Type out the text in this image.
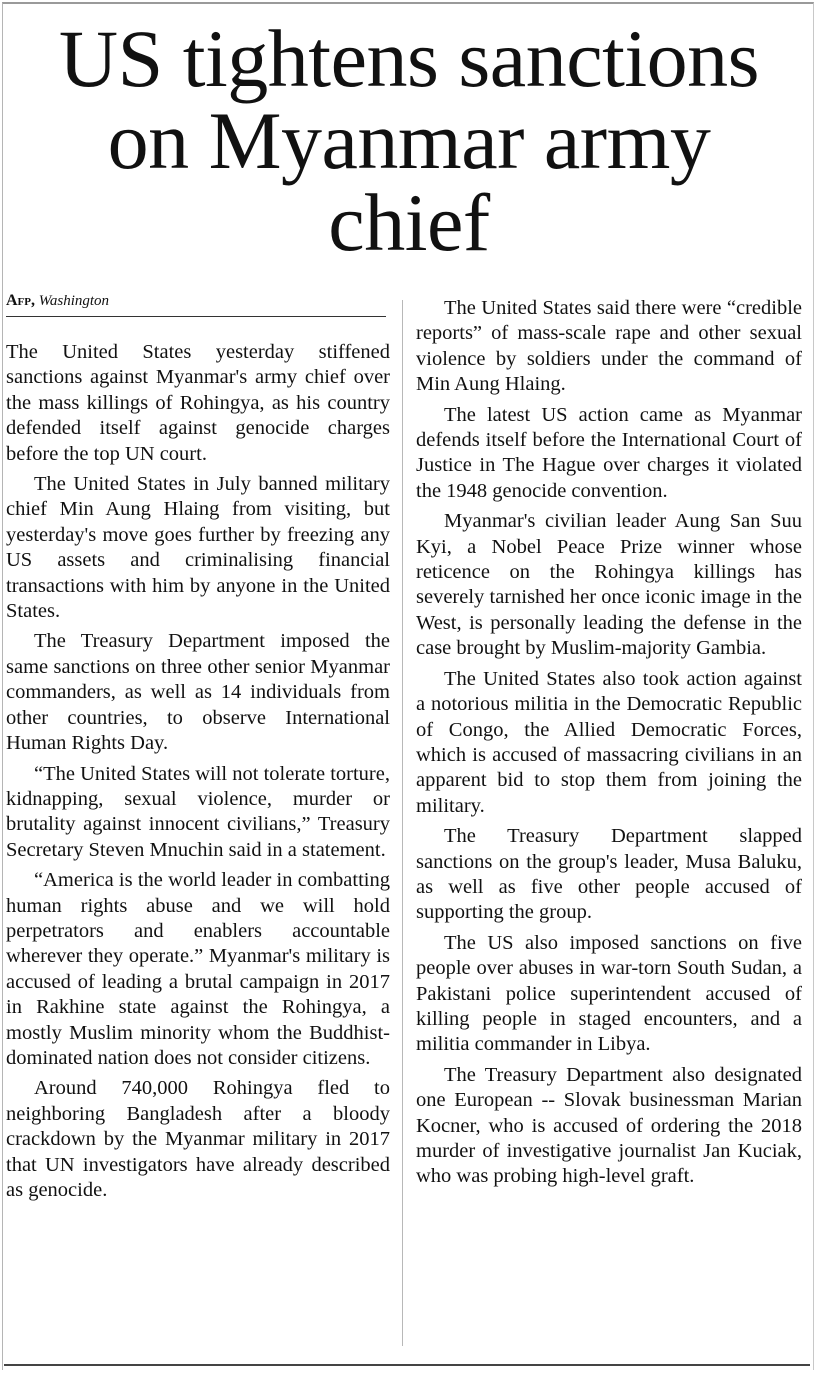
US tightens sanctions
on Myanmar army
chief
Afp, Washington

The United States yesterday stiffened sanctions against Myanmar's army chief over the mass killings of Rohingya, as his country defended itself against genocide charges before the top UN court.

The United States in July banned military chief Min Aung Hlaing from visiting, but yesterday's move goes further by freezing any US assets and criminalising financial transactions with him by anyone in the United States.

The Treasury Department imposed the same sanctions on three other senior Myanmar commanders, as well as 14 individuals from other countries, to observe International Human Rights Day.

“The United States will not tolerate torture, kidnapping, sexual violence, murder or brutality against innocent civilians,” Treasury Secretary Steven Mnuchin said in a statement.

“America is the world leader in combatting human rights abuse and we will hold perpetrators and enablers accountable wherever they operate.” Myanmar's military is accused of leading a brutal campaign in 2017 in Rakhine state against the Rohingya, a mostly Muslim minority whom the Buddhist-dominated nation does not consider citizens.

Around 740,000 Rohingya fled to neighboring Bangladesh after a bloody crackdown by the Myanmar military in 2017 that UN investigators have already described as genocide.

The United States said there were “credible reports” of mass-scale rape and other sexual violence by soldiers under the command of Min Aung Hlaing.

The latest US action came as Myanmar defends itself before the International Court of Justice in The Hague over charges it violated the 1948 genocide convention.

Myanmar's civilian leader Aung San Suu Kyi, a Nobel Peace Prize winner whose reticence on the Rohingya killings has severely tarnished her once iconic image in the West, is personally leading the defense in the case brought by Muslim-majority Gambia.

The United States also took action against a notorious militia in the Democratic Republic of Congo, the Allied Democratic Forces, which is accused of massacring civilians in an apparent bid to stop them from joining the military.

The Treasury Department slapped sanctions on the group's leader, Musa Baluku, as well as five other people accused of supporting the group.

The US also imposed sanctions on five people over abuses in war-torn South Sudan, a Pakistani police superintendent accused of killing people in staged encounters, and a militia commander in Libya.

The Treasury Department also designated one European -- Slovak businessman Marian Kocner, who is accused of ordering the 2018 murder of investigative journalist Jan Kuciak, who was probing high-level graft.
